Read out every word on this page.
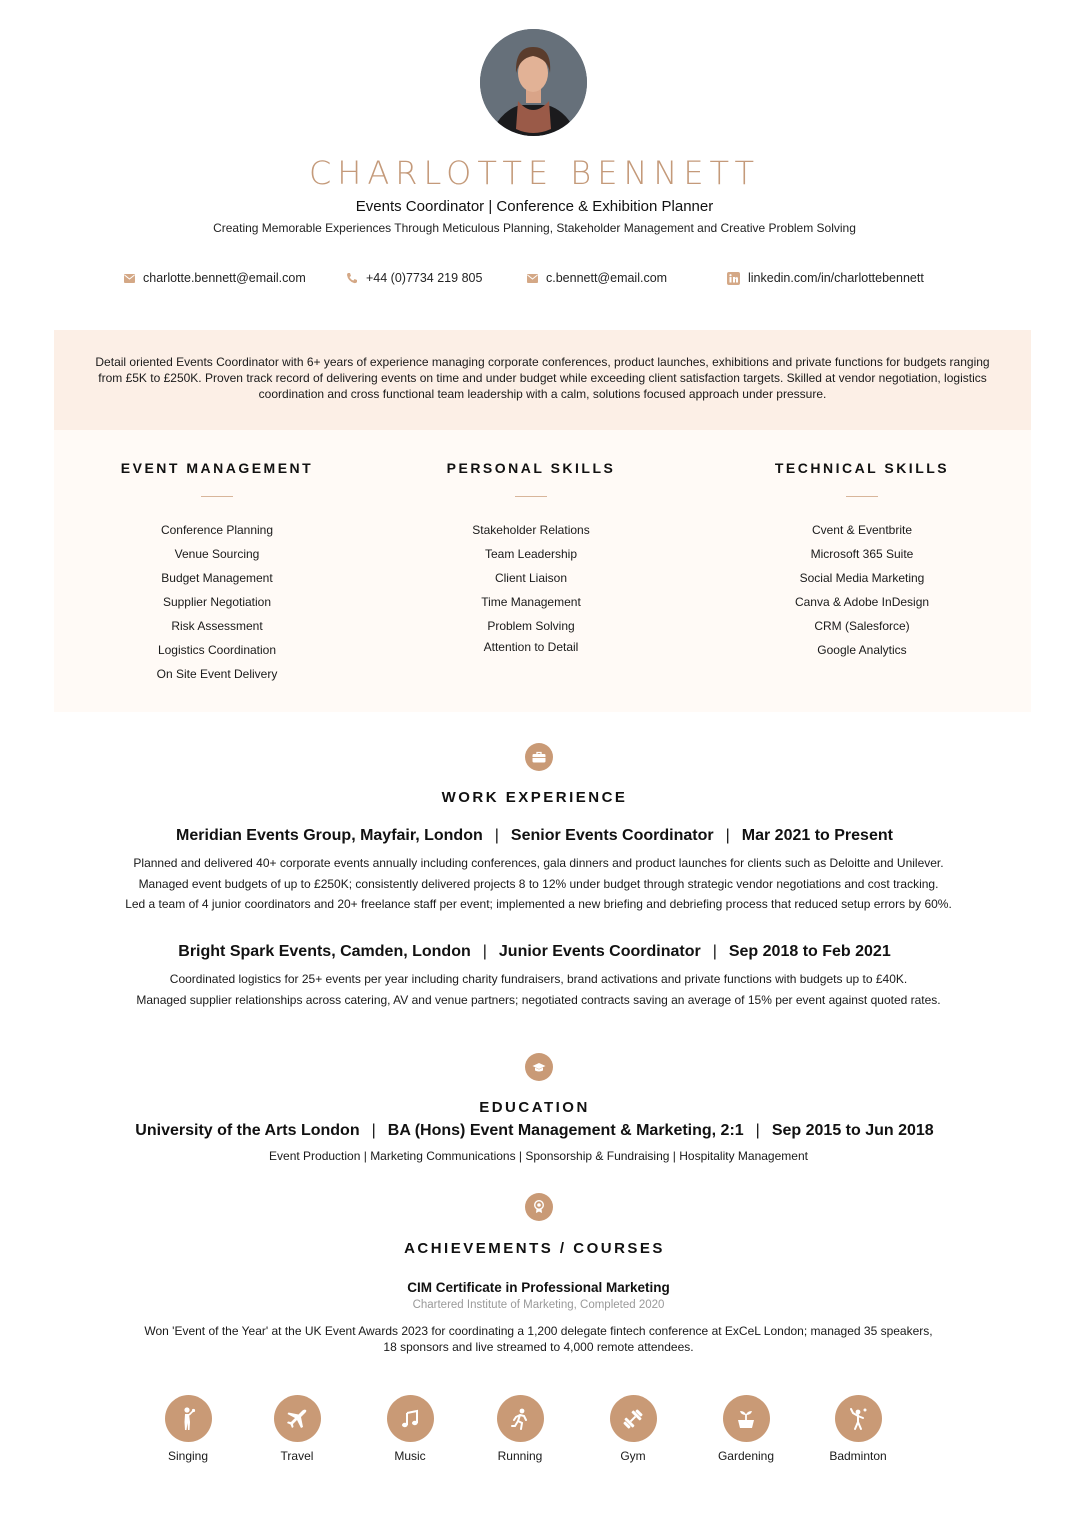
CHARLOTTE BENNETT
Events Coordinator | Conference & Exhibition Planner
Creating Memorable Experiences Through Meticulous Planning, Stakeholder Management and Creative Problem Solving
charlotte.bennett@email.com	+44 (0)7734 219 805	c.bennett@email.com	linkedin.com/in/charlottebennett

Detail oriented Events Coordinator with 6+ years of experience managing corporate conferences, product launches, exhibitions and private functions for budgets ranging from £5K to £250K. Proven track record of delivering events on time and under budget while exceeding client satisfaction targets. Skilled at vendor negotiation, logistics coordination and cross functional team leadership with a calm, solutions focused approach under pressure.

EVENT MANAGEMENT
Conference Planning
Venue Sourcing
Budget Management
Supplier Negotiation
Risk Assessment
Logistics Coordination
On Site Event Delivery
PERSONAL SKILLS
Stakeholder Relations
Team Leadership
Client Liaison
Time Management
Problem Solving
Attention to Detail
TECHNICAL SKILLS
Cvent & Eventbrite
Microsoft 365 Suite
Social Media Marketing
Canva & Adobe InDesign
CRM (Salesforce)
Google Analytics
WORK EXPERIENCE
Meridian Events Group, Mayfair, London | Senior Events Coordinator | Mar 2021 to Present
Planned and delivered 40+ corporate events annually including conferences, gala dinners and product launches for clients such as Deloitte and Unilever.
Managed event budgets of up to £250K; consistently delivered projects 8 to 12% under budget through strategic vendor negotiations and cost tracking.
Led a team of 4 junior coordinators and 20+ freelance staff per event; implemented a new briefing and debriefing process that reduced setup errors by 60%.
Bright Spark Events, Camden, London | Junior Events Coordinator | Sep 2018 to Feb 2021
Coordinated logistics for 25+ events per year including charity fundraisers, brand activations and private functions with budgets up to £40K.
Managed supplier relationships across catering, AV and venue partners; negotiated contracts saving an average of 15% per event against quoted rates.
EDUCATION
University of the Arts London | BA (Hons) Event Management & Marketing, 2:1 | Sep 2015 to Jun 2018
Event Production | Marketing Communications | Sponsorship & Fundraising | Hospitality Management
ACHIEVEMENTS / COURSES
CIM Certificate in Professional Marketing
Chartered Institute of Marketing, Completed 2020
Won 'Event of the Year' at the UK Event Awards 2023 for coordinating a 1,200 delegate fintech conference at ExCeL London; managed 35 speakers, 18 sponsors and live streamed to 4,000 remote attendees.
Singing	Travel	Music	Running	Gym	Gardening	Badminton
